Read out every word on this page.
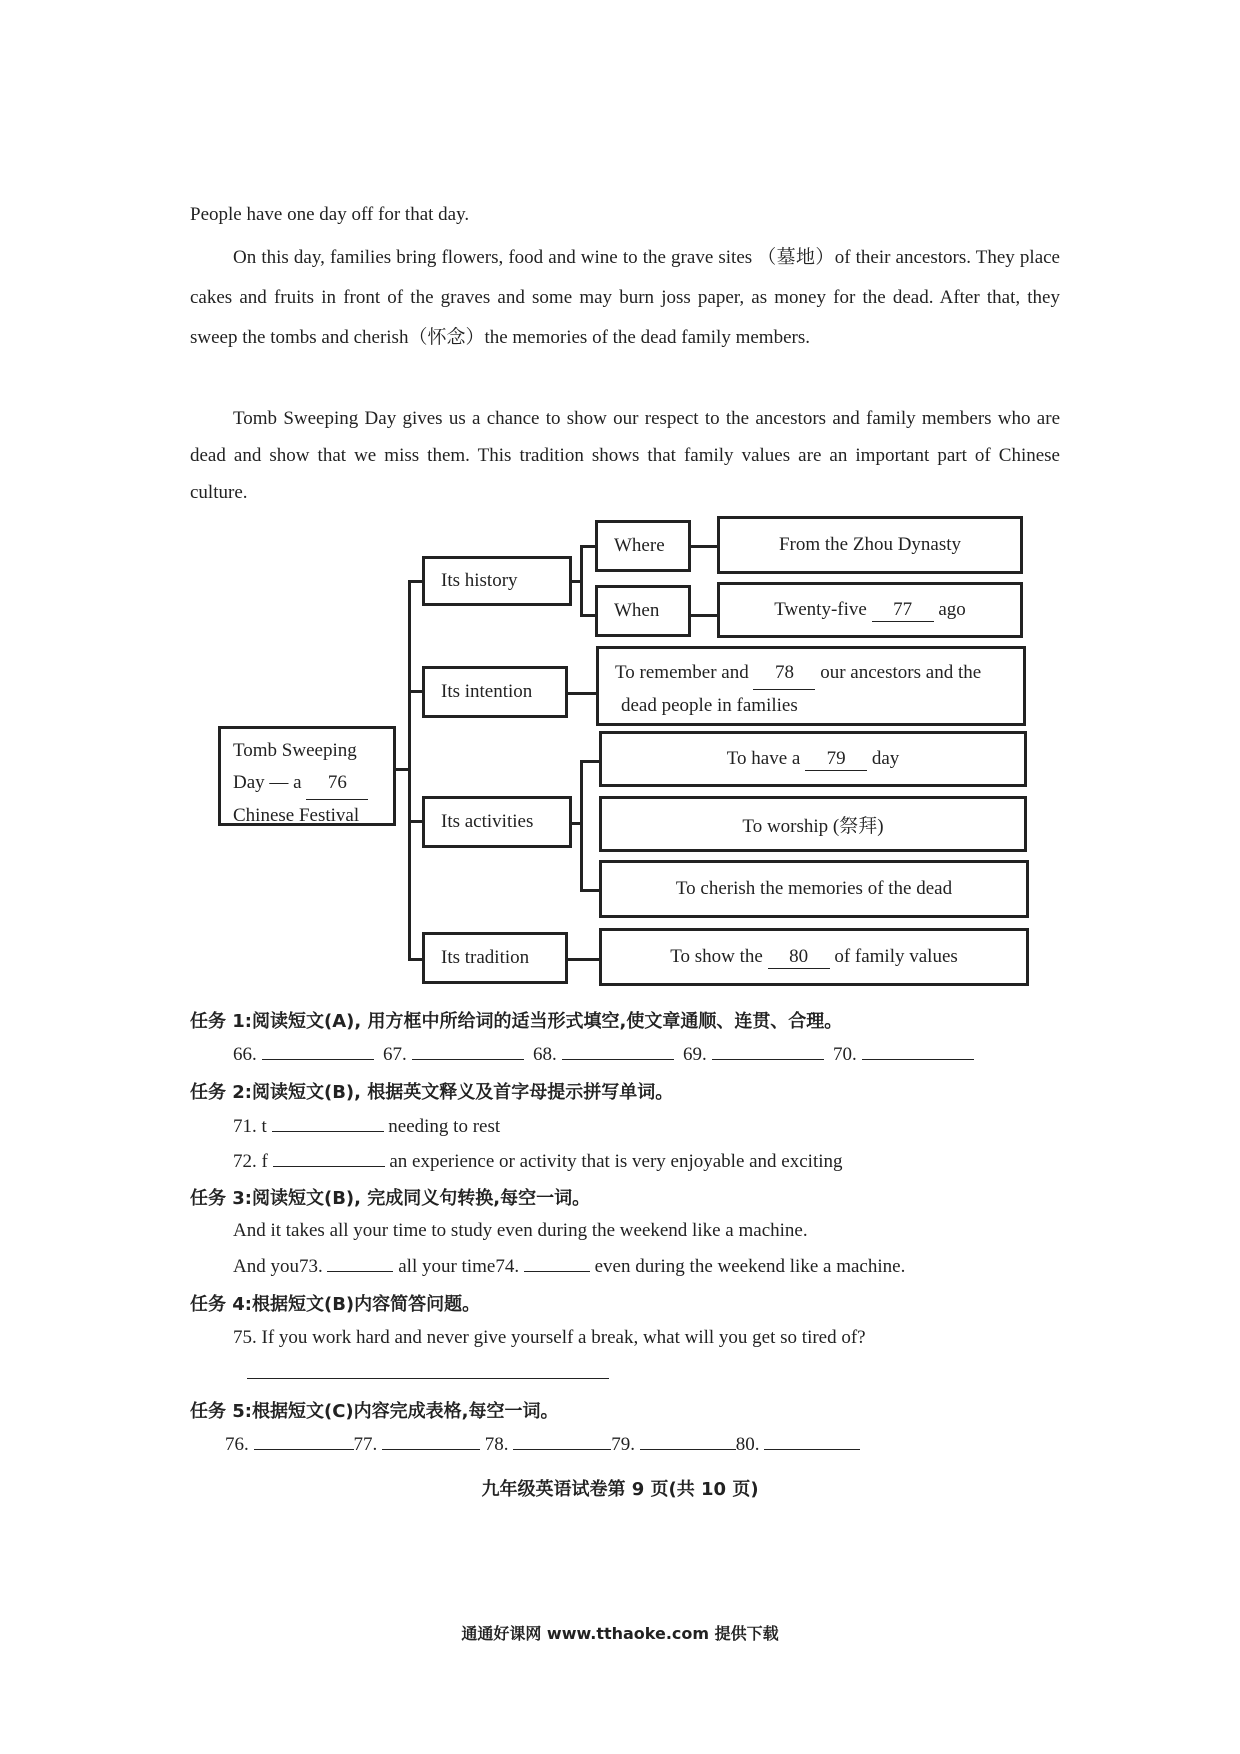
People have one day off for that day.

On this day, families bring flowers, food and wine to the grave sites （墓地）of their ancestors. They place cakes and fruits in front of the graves and some may burn joss paper, as money for the dead. After that, they sweep the tombs and cherish（怀念）the memories of the dead family members.

Tomb Sweeping Day gives us a chance to show our respect to the ancestors and family members who are dead and show that we miss them. This tradition shows that family values are an important part of Chinese culture.

Tomb Sweeping
Day — a 76
Chinese Festival
Its history
Its intention
Its activities
Its tradition
Where
When
From the Zhou Dynasty
Twenty-five
	77
	ago
To remember and 78 our ancestors and the
dead people in families
To have a
	79
	day
To worship (祭拜)
To cherish the memories of the dead
To show the
	80
	of family values
任务 1:阅读短文(A), 用方框中所给词的适当形式填空,使文章通顺、连贯、合理。
66.	67.	68.	69.	70.
任务 2:阅读短文(B), 根据英文释义及首字母提示拼写单词。
71. t	needing to rest
72. f	an experience or activity that is very enjoyable and exciting
任务 3:阅读短文(B), 完成同义句转换,每空一词。
And it takes all your time to study even during the weekend like a machine.
And you73.	all your time74.	even during the weekend like a machine.
任务 4:根据短文(B)内容简答问题。
75. If you work hard and never give yourself a break, what will you get so tired of?
任务 5:根据短文(C)内容完成表格,每空一词。
76.	77.	78.	79.	80.
九年级英语试卷第 9 页(共 10 页)
通通好课网 www.tthaoke.com 提供下载
